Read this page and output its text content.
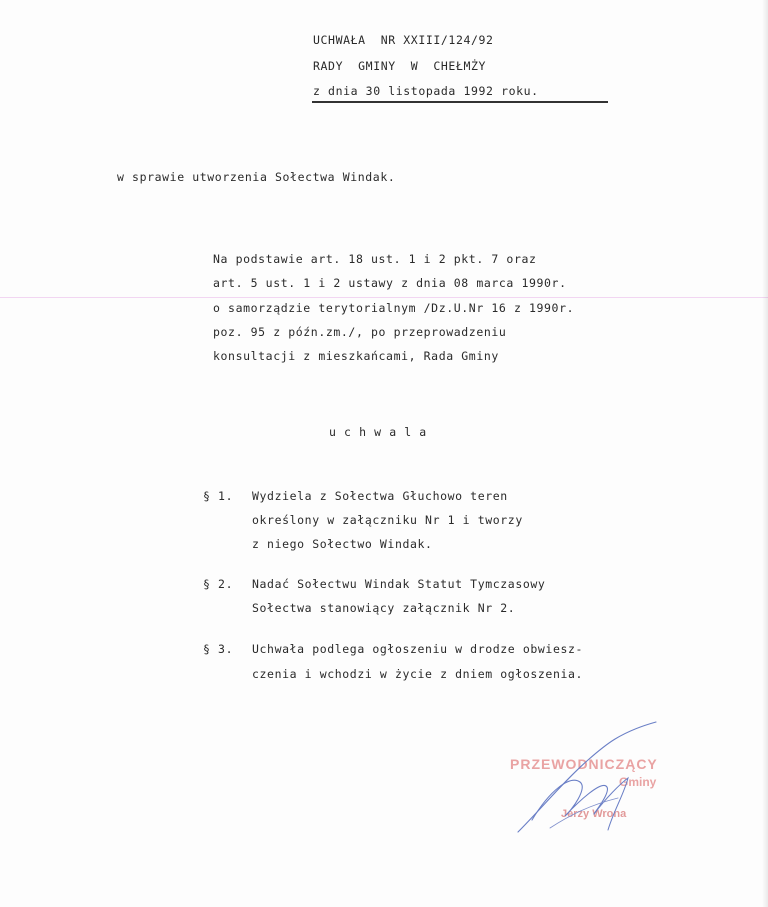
UCHWAŁA  NR XXIII/124/92
RADY  GMINY  W  CHEŁMŻY
z dnia 30 listopada 1992 roku.
w sprawie utworzenia Sołectwa Windak.
Na podstawie art. 18 ust. 1 i 2 pkt. 7 oraz
art. 5 ust. 1 i 2 ustawy z dnia 08 marca 1990r.
o samorządzie terytorialnym /Dz.U.Nr 16 z 1990r.
poz. 95 z późn.zm./, po przeprowadzeniu
konsultacji z mieszkańcami, Rada Gminy
u c h w a l a
§ 1. Wydziela z Sołectwa Głuchowo teren
określony w załączniku Nr 1 i tworzy
z niego Sołectwo Windak.
§ 2. Nadać Sołectwu Windak Statut Tymczasowy
Sołectwa stanowiący załącznik Nr 2.
§ 3. Uchwała podlega ogłoszeniu w drodze obwiesz-
czenia i wchodzi w życie z dniem ogłoszenia.
PRZEWODNICZĄCY
Gminy
Jerzy Wrona
